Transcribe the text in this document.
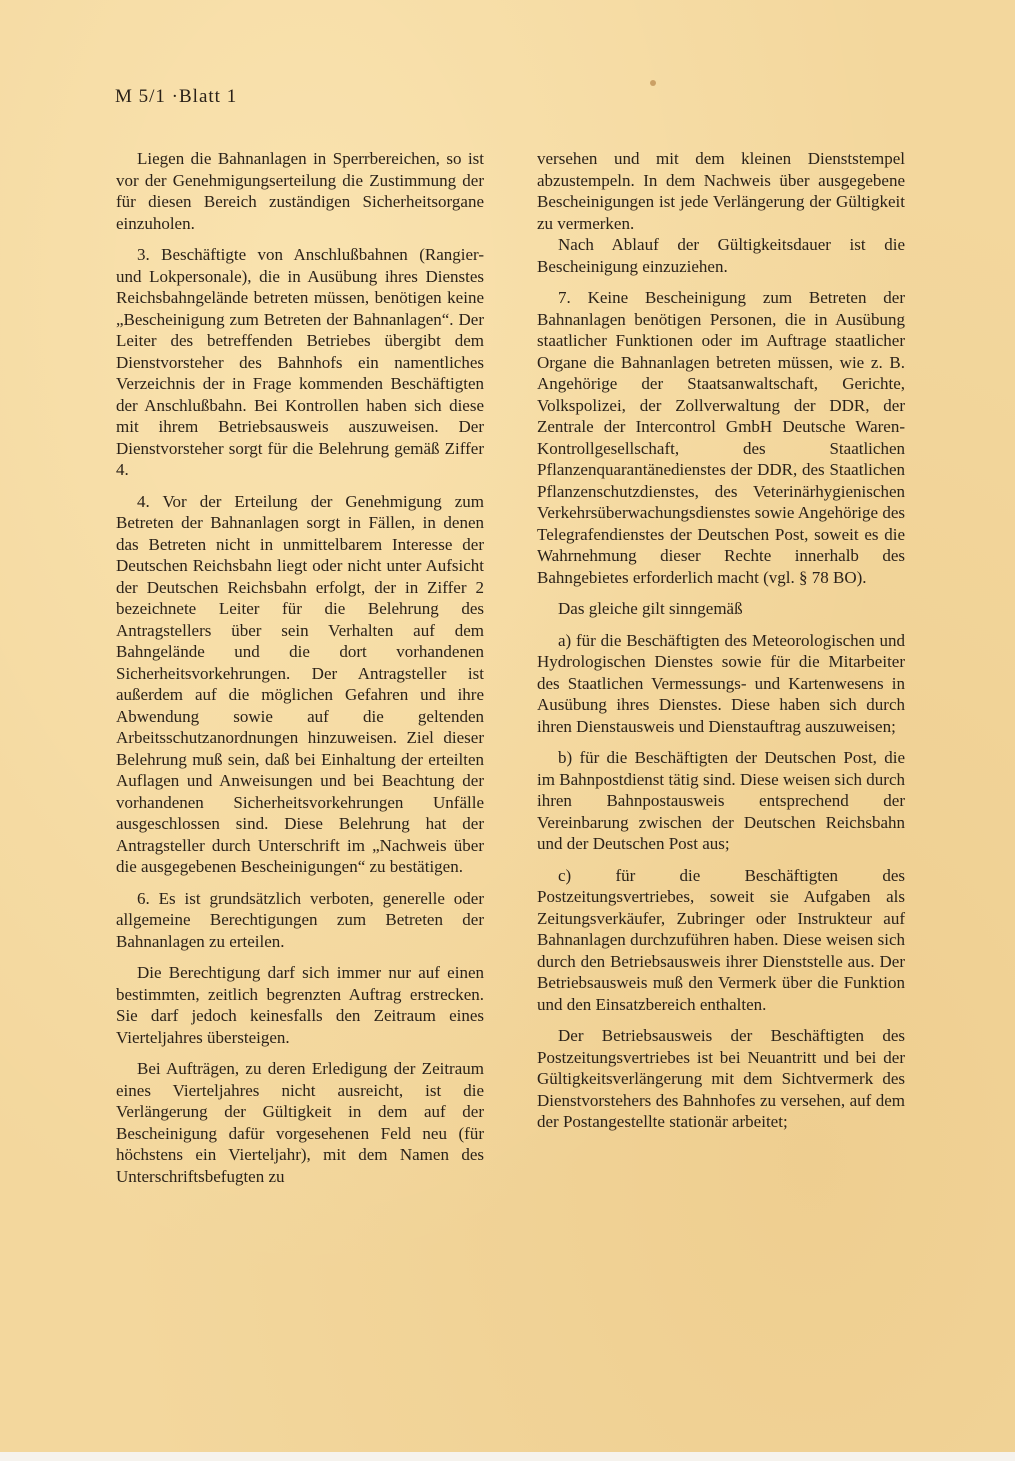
M 5/1 ·Blatt 1

Liegen die Bahnanlagen in Sperrbereichen, so ist vor der Genehmigungserteilung die Zustimmung der für diesen Bereich zuständigen Sicherheitsorgane einzuholen.

3. Beschäftigte von Anschlußbahnen (Rangier- und Lokpersonale), die in Ausübung ihres Dienstes Reichsbahngelände betreten müssen, benötigen keine „Bescheinigung zum Betreten der Bahnanlagen“. Der Leiter des betreffenden Betriebes übergibt dem Dienstvorsteher des Bahnhofs ein namentliches Verzeichnis der in Frage kommenden Beschäftigten der Anschlußbahn. Bei Kontrollen haben sich diese mit ihrem Betriebsausweis auszuweisen. Der Dienstvorsteher sorgt für die Belehrung gemäß Ziffer 4.

4. Vor der Erteilung der Genehmigung zum Betreten der Bahnanlagen sorgt in Fällen, in denen das Betreten nicht in unmittelbarem Interesse der Deutschen Reichsbahn liegt oder nicht unter Aufsicht der Deutschen Reichsbahn erfolgt, der in Ziffer 2 bezeichnete Leiter für die Belehrung des Antragstellers über sein Verhalten auf dem Bahngelände und die dort vorhandenen Sicherheitsvorkehrungen. Der Antragsteller ist außerdem auf die möglichen Gefahren und ihre Abwendung sowie auf die geltenden Arbeitsschutzanordnungen hinzuweisen. Ziel dieser Belehrung muß sein, daß bei Einhaltung der erteilten Auflagen und Anweisungen und bei Beachtung der vorhandenen Sicherheitsvorkehrungen Unfälle ausgeschlossen sind. Diese Belehrung hat der Antragsteller durch Unterschrift im „Nachweis über die ausgegebenen Bescheinigungen“ zu bestätigen.

6. Es ist grundsätzlich verboten, generelle oder allgemeine Berechtigungen zum Betreten der Bahnanlagen zu erteilen.

Die Berechtigung darf sich immer nur auf einen bestimmten, zeitlich begrenzten Auftrag erstrecken. Sie darf jedoch keinesfalls den Zeitraum eines Vierteljahres übersteigen.

Bei Aufträgen, zu deren Erledigung der Zeitraum eines Vierteljahres nicht ausreicht, ist die Verlängerung der Gültigkeit in dem auf der Bescheinigung dafür vorgesehenen Feld neu (für höchstens ein Vierteljahr), mit dem Namen des Unterschriftsbefugten zu

versehen und mit dem kleinen Dienststempel abzustempeln. In dem Nachweis über ausgegebene Bescheinigungen ist jede Verlängerung der Gültigkeit zu vermerken.

Nach Ablauf der Gültigkeitsdauer ist die Bescheinigung einzuziehen.

7. Keine Bescheinigung zum Betreten der Bahnanlagen benötigen Personen, die in Ausübung staatlicher Funktionen oder im Auftrage staatlicher Organe die Bahnanlagen betreten müssen, wie z. B. Angehörige der Staatsanwaltschaft, Gerichte, Volkspolizei, der Zollverwaltung der DDR, der Zentrale der Intercontrol GmbH Deutsche Waren-Kontrollgesellschaft, des Staatlichen Pflanzenquarantänedienstes der DDR, des Staatlichen Pflanzenschutzdienstes, des Veterinärhygienischen Verkehrsüberwachungsdienstes sowie Angehörige des Telegrafendienstes der Deutschen Post, soweit es die Wahrnehmung dieser Rechte innerhalb des Bahngebietes erforderlich macht (vgl. § 78 BO).

Das gleiche gilt sinngemäß

a) für die Beschäftigten des Meteorologischen und Hydrologischen Dienstes sowie für die Mitarbeiter des Staatlichen Vermessungs- und Kartenwesens in Ausübung ihres Dienstes. Diese haben sich durch ihren Dienstausweis und Dienstauftrag auszuweisen;

b) für die Beschäftigten der Deutschen Post, die im Bahnpostdienst tätig sind. Diese weisen sich durch ihren Bahnpostausweis entsprechend der Vereinbarung zwischen der Deutschen Reichsbahn und der Deutschen Post aus;

c) für die Beschäftigten des Postzeitungsvertriebes, soweit sie Aufgaben als Zeitungsverkäufer, Zubringer oder Instrukteur auf Bahnanlagen durchzuführen haben. Diese weisen sich durch den Betriebsausweis ihrer Dienststelle aus. Der Betriebsausweis muß den Vermerk über die Funktion und den Einsatzbereich enthalten.

Der Betriebsausweis der Beschäftigten des Postzeitungsvertriebes ist bei Neuantritt und bei der Gültigkeitsverlängerung mit dem Sichtvermerk des Dienstvorstehers des Bahnhofes zu versehen, auf dem der Postangestellte stationär arbeitet;
